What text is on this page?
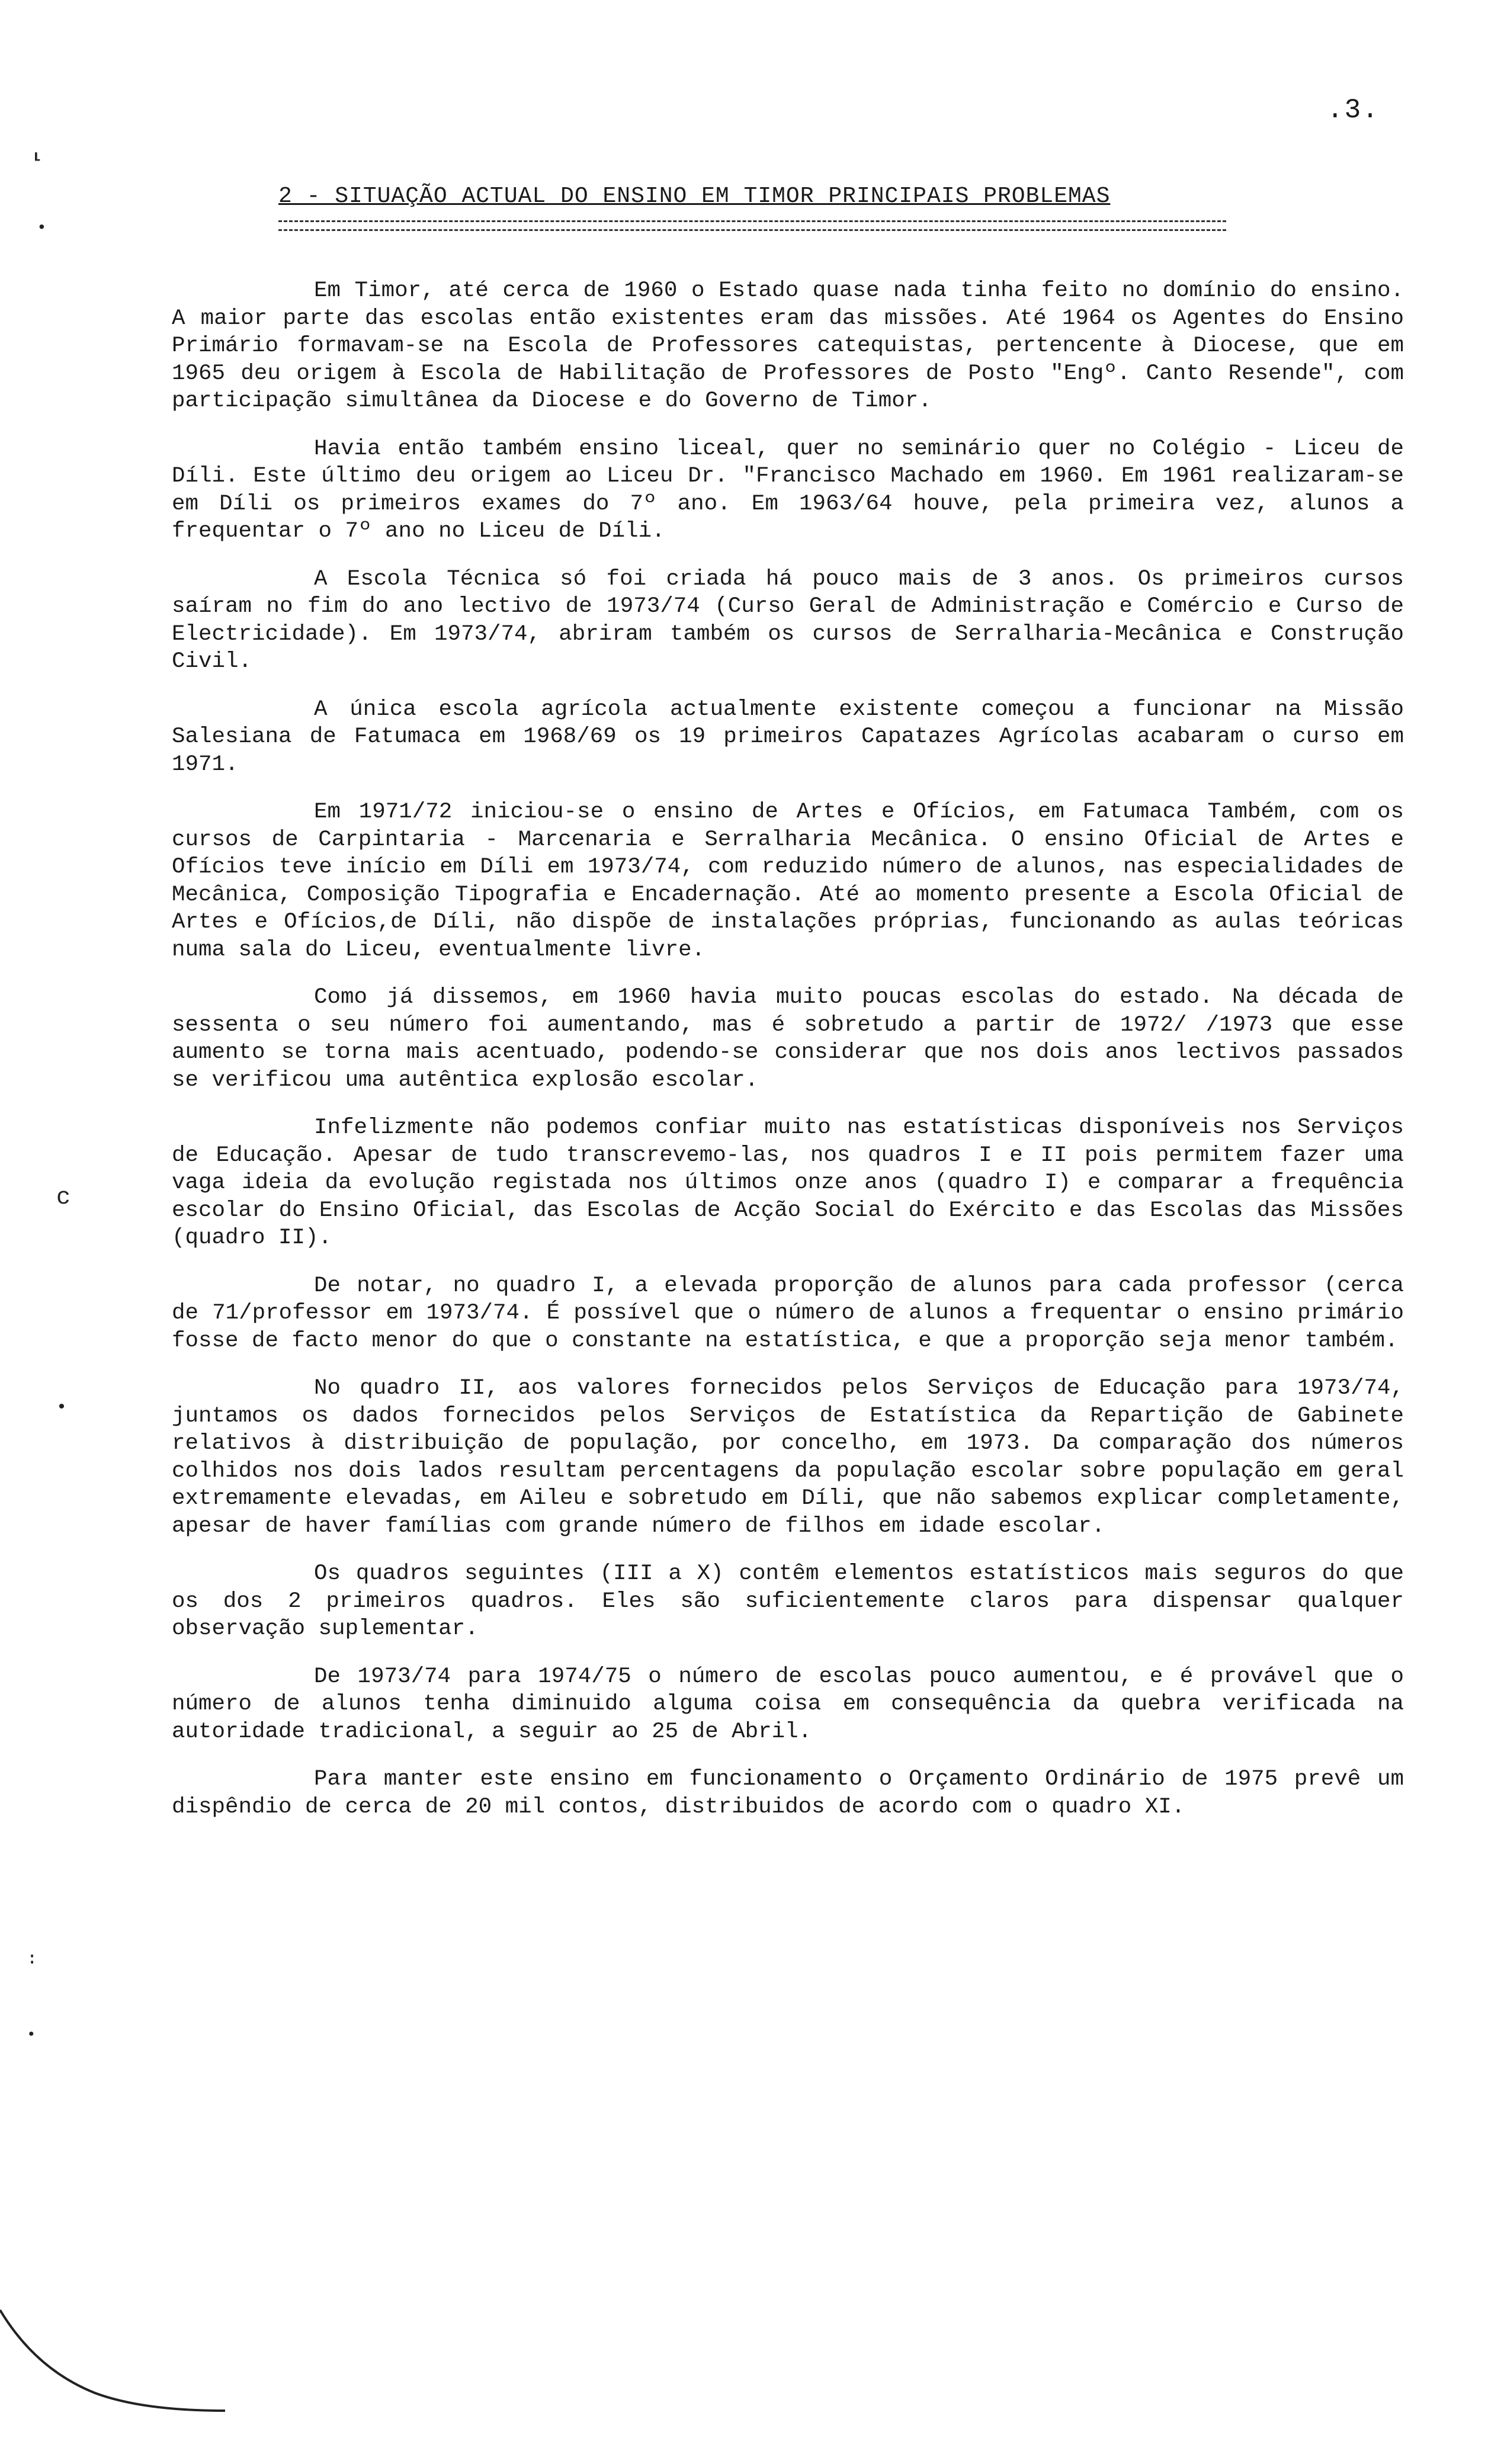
.3.
2 - SITUAÇÃO ACTUAL DO ENSINO EM TIMOR PRINCIPAIS PROBLEMAS

Em Timor, até cerca de 1960 o Estado quase nada tinha feito no domínio do ensino. A maior parte das escolas então existentes eram das missões. Até 1964 os Agentes do Ensino Primário formavam-se na Escola de Professores catequistas, pertencente à Diocese, que em 1965 deu origem à Escola de Habilitação de Professores de Posto "Engº. Canto Resende", com participação simultânea da Diocese e do Governo de Timor.

Havia então também ensino liceal, quer no seminário quer no Colégio - Liceu de Díli. Este último deu origem ao Liceu Dr. "Francisco Machado em 1960. Em 1961 realizaram-se em Díli os primeiros exames do 7º ano. Em 1963/64 houve, pela primeira vez, alunos a frequentar o 7º ano no Liceu de Díli.

A Escola Técnica só foi criada há pouco mais de 3 anos. Os primeiros cursos saíram no fim do ano lectivo de 1973/74 (Curso Geral de Administração e Comércio e Curso de Electricidade). Em 1973/74, abriram também os cursos de Serralharia-Mecânica e Construção Civil.

A única escola agrícola actualmente existente começou a funcionar na Missão Salesiana de Fatumaca em 1968/69 os 19 primeiros Capatazes Agrícolas acabaram o curso em 1971.

Em 1971/72 iniciou-se o ensino de Artes e Ofícios, em Fatumaca Também, com os cursos de Carpintaria - Marcenaria e Serralharia Mecânica. O ensino Oficial de Artes e Ofícios teve início em Díli em 1973/74, com reduzido número de alunos, nas especialidades de Mecânica, Composição Tipografia e Encadernação. Até ao momento presente a Escola Oficial de Artes e Ofícios,de Díli, não dispõe de instalações próprias, funcionando as aulas teóricas numa sala do Liceu, eventualmente livre.

Como já dissemos, em 1960 havia muito poucas escolas do estado. Na década de sessenta o seu número foi aumentando, mas é sobretudo a partir de 1972/ /1973 que esse aumento se torna mais acentuado, podendo-se considerar que nos dois anos lectivos passados se verificou uma autêntica explosão escolar.

Infelizmente não podemos confiar muito nas estatísticas disponíveis nos Serviços de Educação. Apesar de tudo transcrevemo-las, nos quadros I e II pois permitem fazer uma vaga ideia da evolução registada nos últimos onze anos (quadro I) e comparar a frequência escolar do Ensino Oficial, das Escolas de Acção Social do Exército e das Escolas das Missões (quadro II).

De notar, no quadro I, a elevada proporção de alunos para cada professor (cerca de 71/professor em 1973/74. É possível que o número de alunos a frequentar o ensino primário fosse de facto menor do que o constante na estatística, e que a proporção seja menor também.

No quadro II, aos valores fornecidos pelos Serviços de Educação para 1973/74, juntamos os dados fornecidos pelos Serviços de Estatística da Repartição de Gabinete relativos à distribuição de população, por concelho, em 1973. Da comparação dos números colhidos nos dois lados resultam percentagens da população escolar sobre população em geral extremamente elevadas, em Aileu e sobretudo em Díli, que não sabemos explicar completamente, apesar de haver famílias com grande número de filhos em idade escolar.

Os quadros seguintes (III a X) contêm elementos estatísticos mais seguros do que os dos 2 primeiros quadros. Eles são suficientemente claros para dispensar qualquer observação suplementar.

De 1973/74 para 1974/75 o número de escolas pouco aumentou, e é provável que o número de alunos tenha diminuido alguma coisa em consequência da quebra verificada na autoridade tradicional, a seguir ao 25 de Abril.

Para manter este ensino em funcionamento o Orçamento Ordinário de 1975 prevê um dispêndio de cerca de 20 mil contos, distribuidos de acordo com o quadro XI.

⸤
•
c
•
∶
•
